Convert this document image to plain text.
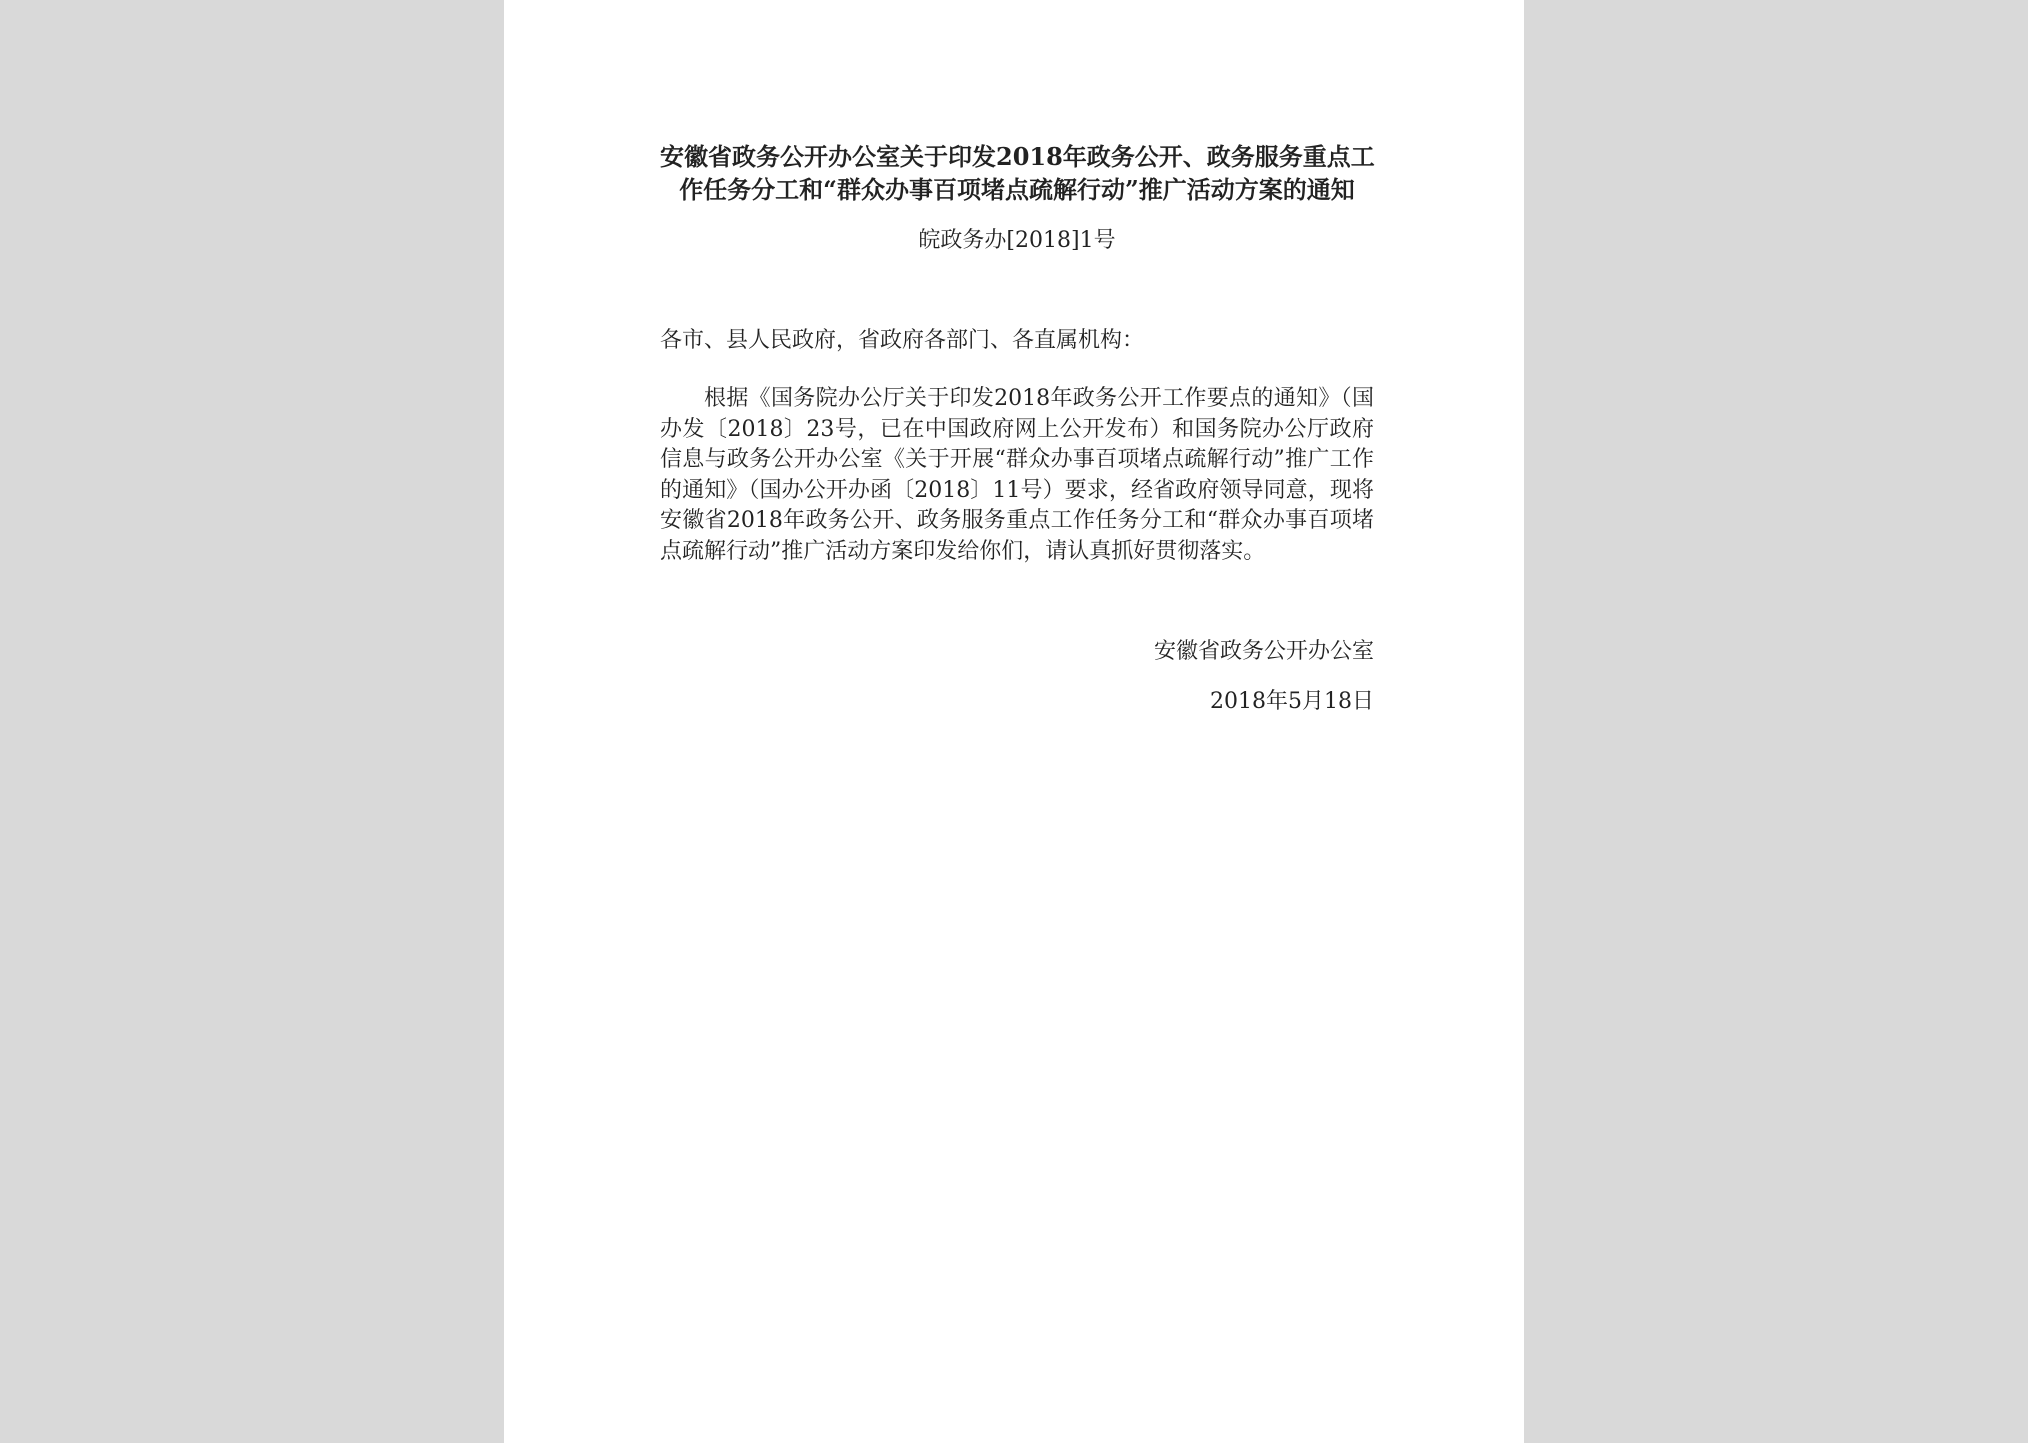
安徽省政务公开办公室关于印发2018年政务公开、政务服务重点工
作任务分工和“群众办事百项堵点疏解行动”推广活动方案的通知
皖政务办[2018]1号
各市、县人民政府，省政府各部门、各直属机构：
根据《国务院办公厅关于印发2018年政务公开工作要点的通知》（国办发〔2018〕23号，已在中国政府网上公开发布）和国务院办公厅政府信息与政务公开办公室《关于开展“群众办事百项堵点疏解行动”推广工作的通知》（国办公开办函〔2018〕11号）要求，经省政府领导同意，现将安徽省2018年政务公开、政务服务重点工作任务分工和“群众办事百项堵点疏解行动”推广活动方案印发给你们，请认真抓好贯彻落实。
安徽省政务公开办公室
2018年5月18日
